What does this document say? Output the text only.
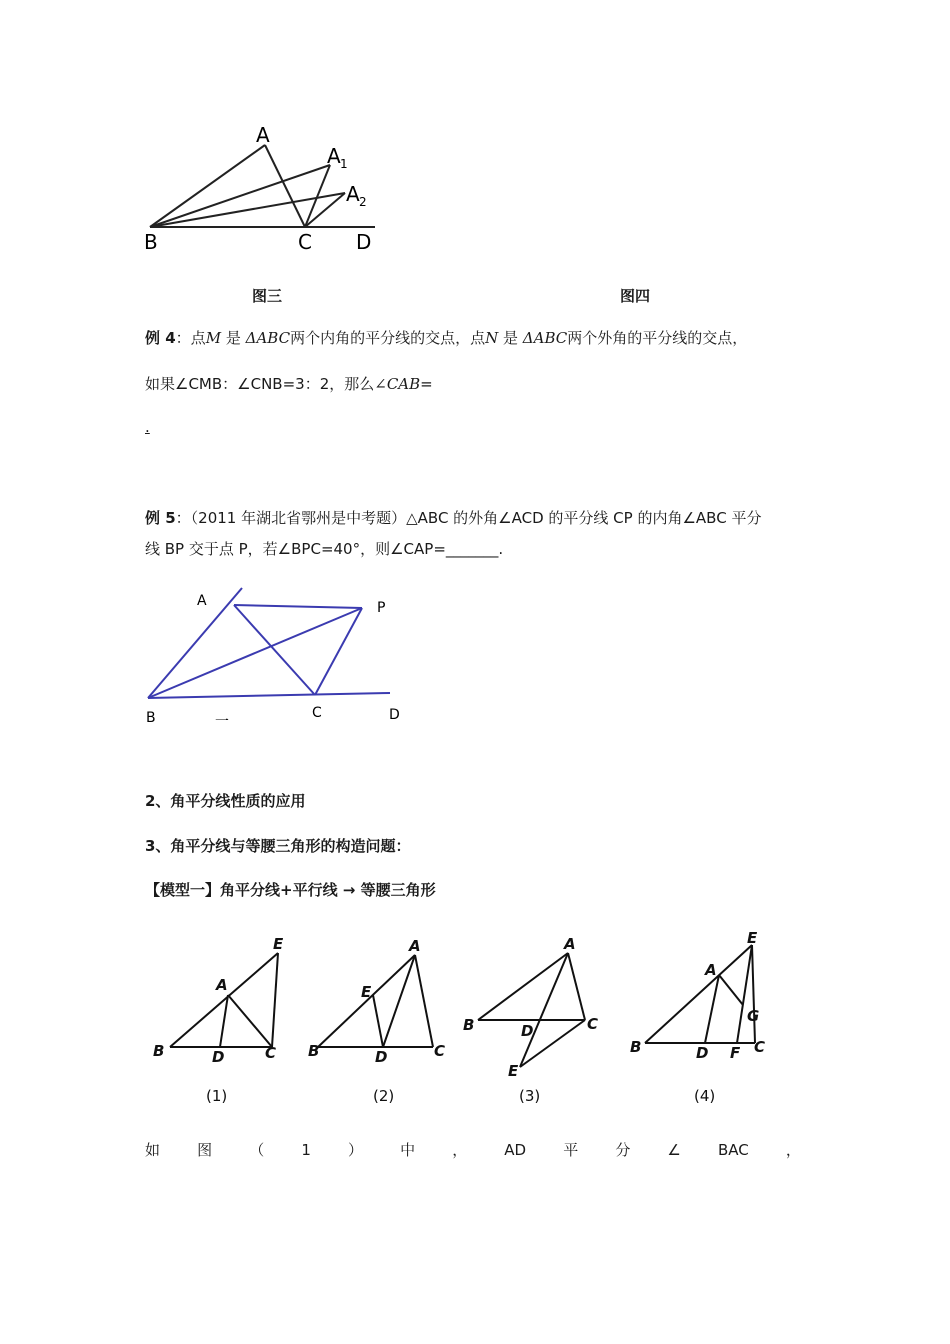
A
A 1
A 2
B	C D
图三	图四
例 4：点M 是 ΔABC两个内角的平分线的交点，点N 是 ΔABC两个外角的平分线的交点，
如果∠CMB：∠CNB=3：2，那么∠CAB=
.
例 5：（2011 年湖北省鄂州是中考题）△ABC 的外角∠ACD 的平分线 CP 的内角∠ABC 平分
线 BP 交于点 P，若∠BPC=40°，则∠CAP=_______.
A	P
B	C	D
一
2、角平分线性质的应用
3、角平分线与等腰三角形的构造问题：
【模型一】角平分线+平行线 → 等腰三角形
B	D	C
A
E
B	D	C
A
E
B	D	C
A
E
B	D F C
A
G
E
(1)	(2)	(3)	(4)
如 图 （ 1 ） 中 ， AD 平 分 ∠ BAC ，
